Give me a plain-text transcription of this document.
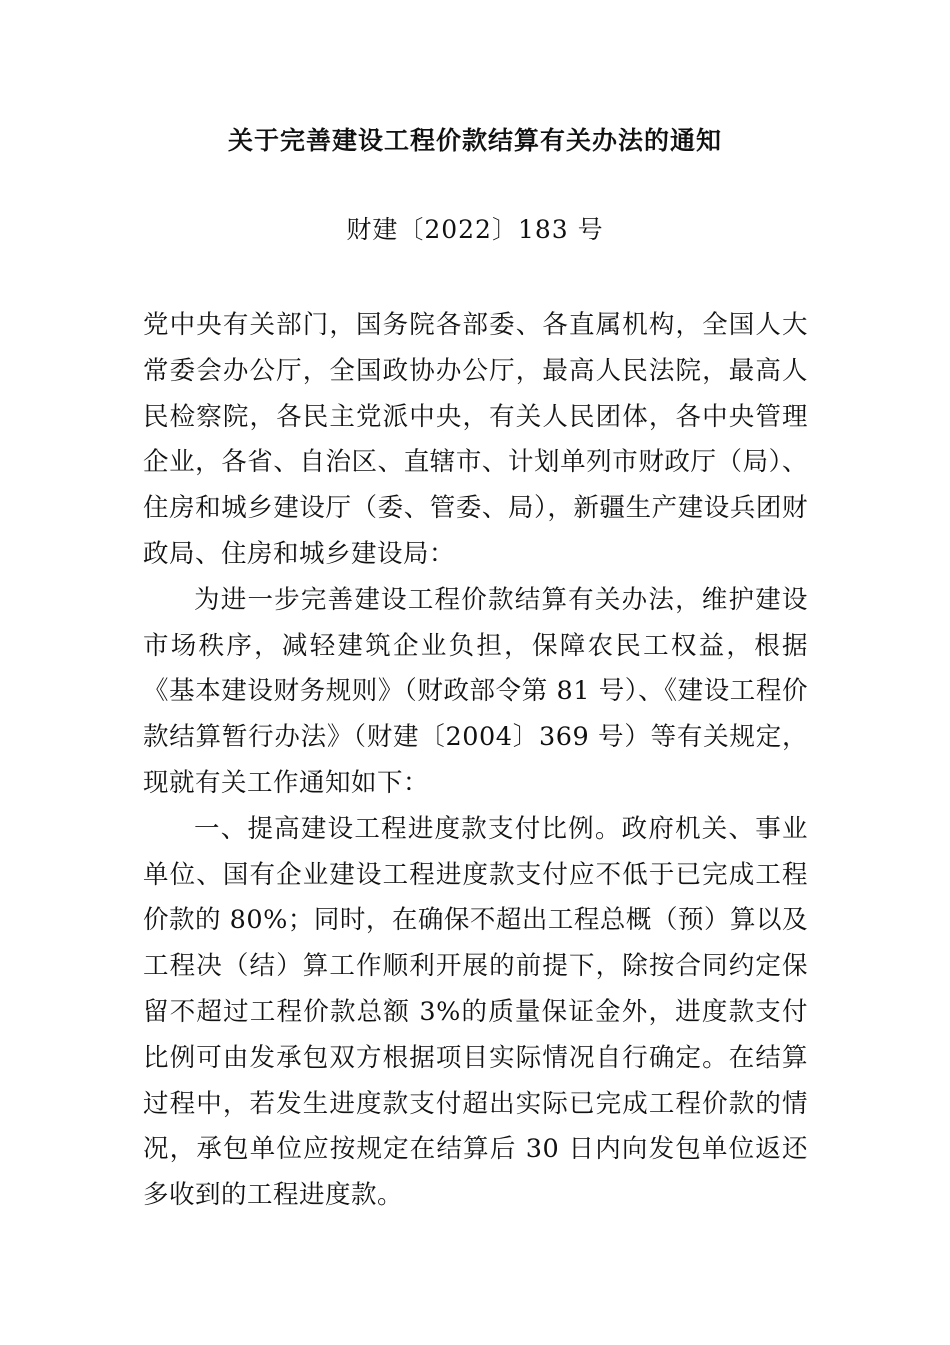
关于完善建设工程价款结算有关办法的通知

财建〔2022〕183 号

党中央有关部门，国务院各部委、各直属机构，全国人大常委会办公厅，全国政协办公厅，最高人民法院，最高人民检察院，各民主党派中央，有关人民团体，各中央管理企业，各省、自治区、直辖市、计划单列市财政厅（局）、住房和城乡建设厅（委、管委、局），新疆生产建设兵团财政局、住房和城乡建设局：

为进一步完善建设工程价款结算有关办法，维护建设市场秩序，减轻建筑企业负担，保障农民工权益，根据《基本建设财务规则》（财政部令第 81 号）、《建设工程价款结算暂行办法》（财建〔2004〕369 号）等有关规定，现就有关工作通知如下：

一、提高建设工程进度款支付比例。政府机关、事业单位、国有企业建设工程进度款支付应不低于已完成工程价款的 80%；同时，在确保不超出工程总概（预）算以及工程决（结）算工作顺利开展的前提下，除按合同约定保留不超过工程价款总额 3%的质量保证金外，进度款支付比例可由发承包双方根据项目实际情况自行确定。在结算过程中，若发生进度款支付超出实际已完成工程价款的情况，承包单位应按规定在结算后 30 日内向发包单位返还多收到的工程进度款。
